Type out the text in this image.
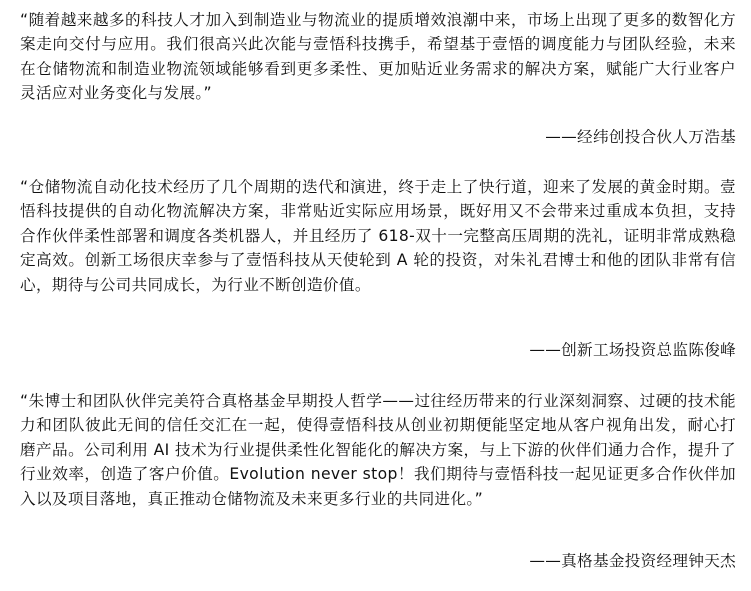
“随着越来越多的科技人才加入到制造业与物流业的提质增效浪潮中来，市场上出现了更多的数智化方案走向交付与应用。我们很高兴此次能与壹悟科技携手，希望基于壹悟的调度能力与团队经验，未来在仓储物流和制造业物流领域能够看到更多柔性、更加贴近业务需求的解决方案，赋能广大行业客户灵活应对业务变化与发展。”

——经纬创投合伙人万浩基

“仓储物流自动化技术经历了几个周期的迭代和演进，终于走上了快行道，迎来了发展的黄金时期。壹悟科技提供的自动化物流解决方案，非常贴近实际应用场景，既好用又不会带来过重成本负担，支持合作伙伴柔性部署和调度各类机器人，并且经历了 618-双十一完整高压周期的洗礼，证明非常成熟稳定高效。创新工场很庆幸参与了壹悟科技从天使轮到 A 轮的投资，对朱礼君博士和他的团队非常有信心，期待与公司共同成长，为行业不断创造价值。

——创新工场投资总监陈俊峰

“朱博士和团队伙伴完美符合真格基金早期投人哲学——过往经历带来的行业深刻洞察、过硬的技术能力和团队彼此无间的信任交汇在一起，使得壹悟科技从创业初期便能坚定地从客户视角出发，耐心打磨产品。公司利用 AI 技术为行业提供柔性化智能化的解决方案，与上下游的伙伴们通力合作，提升了行业效率，创造了客户价值。Evolution never stop！我们期待与壹悟科技一起见证更多合作伙伴加入以及项目落地，真正推动仓储物流及未来更多行业的共同进化。”

——真格基金投资经理钟天杰
